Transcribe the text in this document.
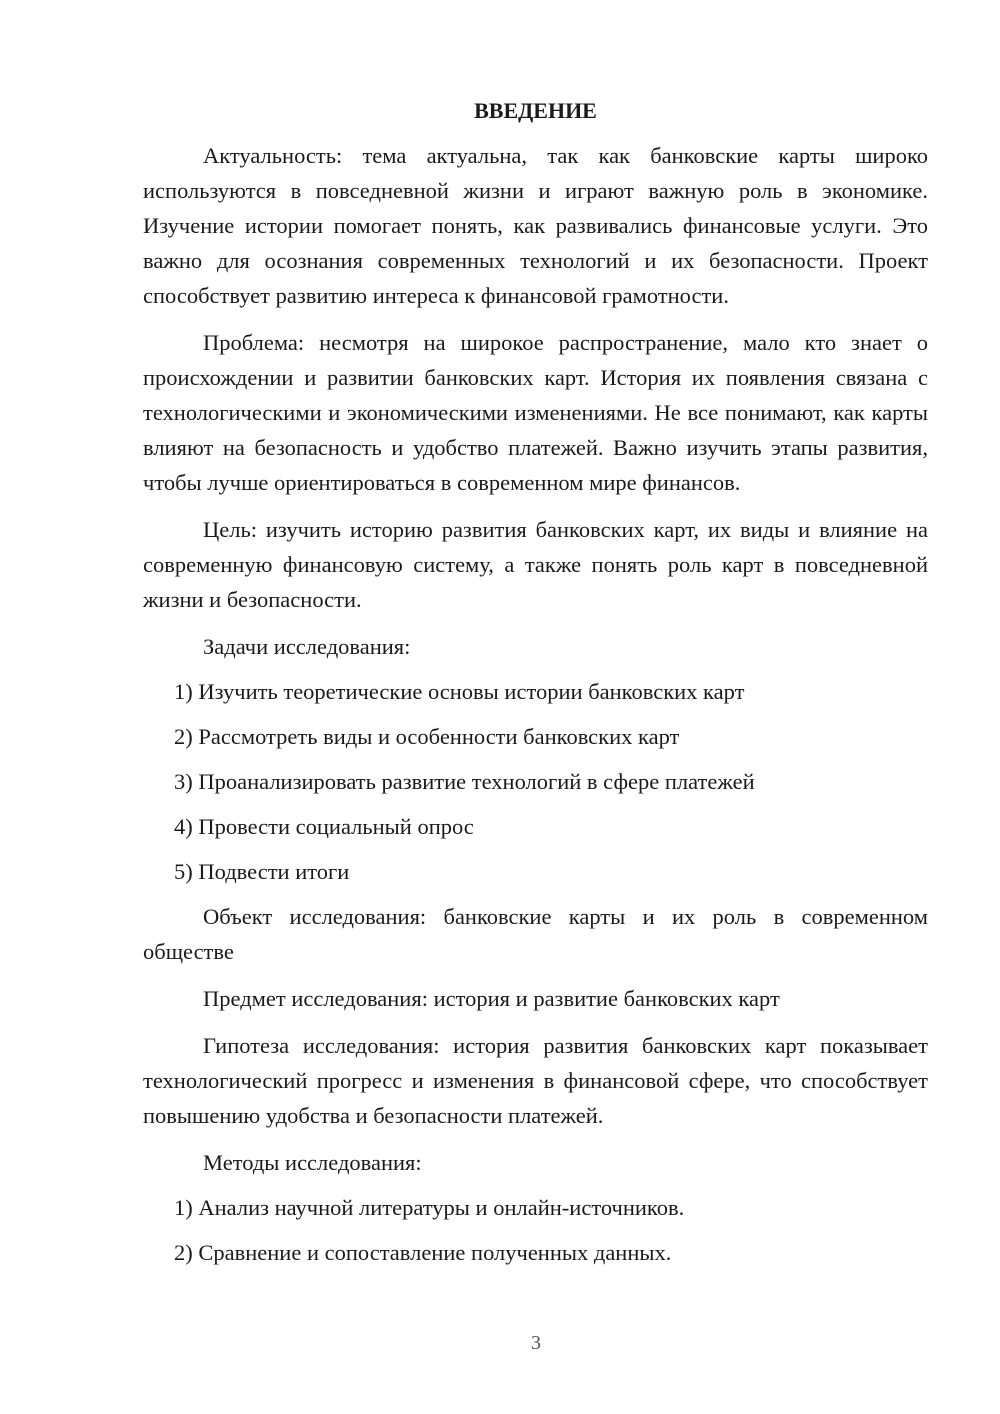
ВВЕДЕНИЕ
Актуальность: тема актуальна, так как банковские карты широко используются в повседневной жизни и играют важную роль в экономике. Изучение истории помогает понять, как развивались финансовые услуги. Это важно для осознания современных технологий и их безопасности. Проект способствует развитию интереса к финансовой грамотности.
Проблема: несмотря на широкое распространение, мало кто знает о происхождении и развитии банковских карт. История их появления связана с технологическими и экономическими изменениями. Не все понимают, как карты влияют на безопасность и удобство платежей. Важно изучить этапы развития, чтобы лучше ориентироваться в современном мире финансов.
Цель: изучить историю развития банковских карт, их виды и влияние на современную финансовую систему, а также понять роль карт в повседневной жизни и безопасности.
Задачи исследования:
1) Изучить теоретические основы истории банковских карт
2) Рассмотреть виды и особенности банковских карт
3) Проанализировать развитие технологий в сфере платежей
4) Провести социальный опрос
5) Подвести итоги
Объект исследования: банковские карты и их роль в современном обществе
Предмет исследования: история и развитие банковских карт
Гипотеза исследования: история развития банковских карт показывает технологический прогресс и изменения в финансовой сфере, что способствует повышению удобства и безопасности платежей.
Методы исследования:
1) Анализ научной литературы и онлайн-источников.
2) Сравнение и сопоставление полученных данных.
3
